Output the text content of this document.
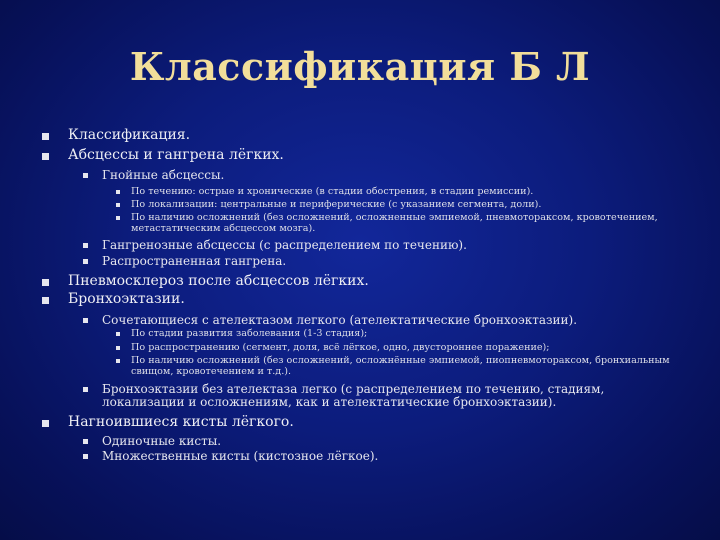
Классификация Б Л
Классификация.
Абсцессы и гангрена лёгких.
Гнойные абсцессы.
По течению: острые и хронические (в стадии обострения, в стадии ремиссии).
По локализации: центральные и периферические (с указанием сегмента, доли).
По наличию осложнений (без осложнений, осложненные эмпиемой, пневмотораксом, кровотечением, метастатическим абсцессом мозга).
Гангренозные абсцессы (с распределением по течению).
Распространенная гангрена.
Пневмосклероз после абсцессов лёгких.
Бронхоэктазии.
Сочетающиеся с ателектазом легкого (ателектатические бронхоэктазии).
По стадии развития заболевания (1-3 стадия);
По распространению (сегмент, доля, всё лёгкое, одно, двустороннее поражение);
По наличию осложнений (без осложнений, осложнённые эмпиемой, пиопневмотораксом, бронхиальным свищом, кровотечением и т.д.).
Бронхоэктазии без ателектаза легко (с распределением по течению, стадиям, локализации и осложнениям, как и ателектатические бронхоэктазии).
Нагноившиеся кисты лёгкого.
Одиночные кисты.
Множественные кисты (кистозное лёгкое).
